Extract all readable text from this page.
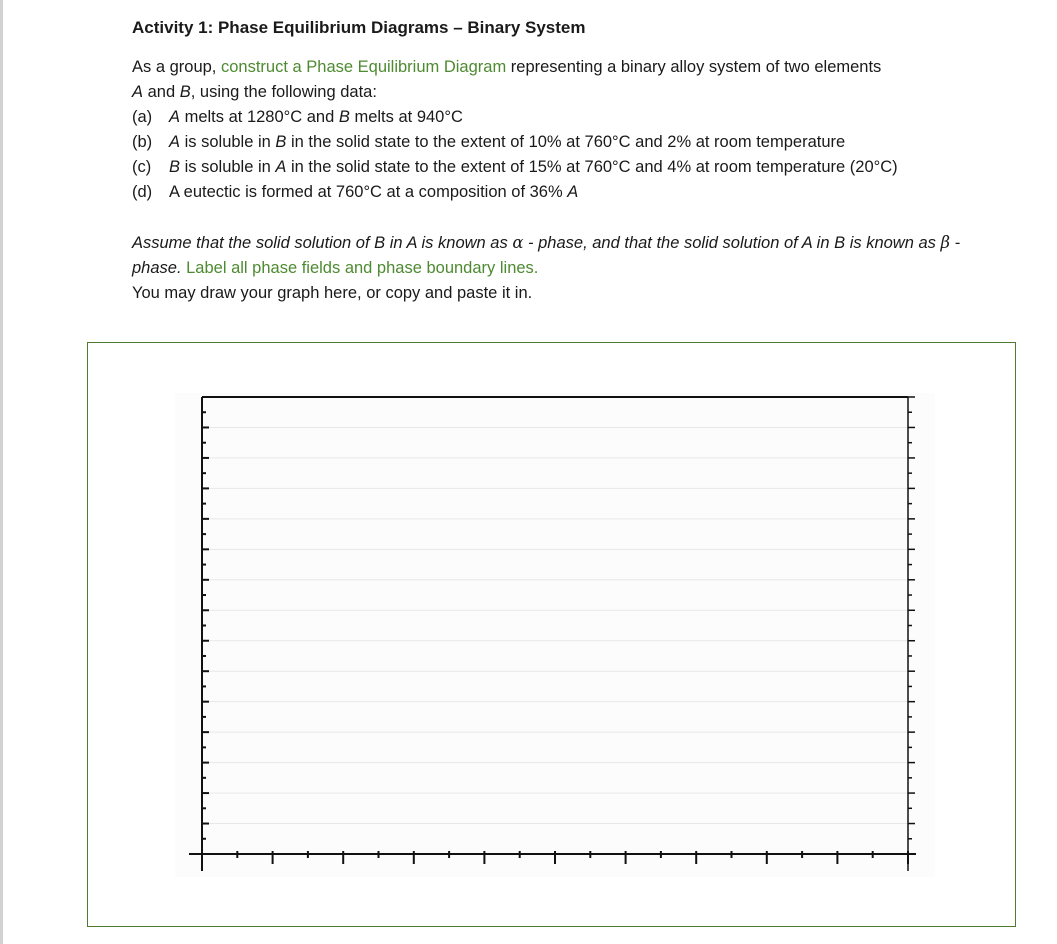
Activity 1: Phase Equilibrium Diagrams – Binary System

As a group, construct a Phase Equilibrium Diagram representing a binary alloy system of two elements
A and B, using the following data:

(a) A melts at 1280°C and B melts at 940°C
(b) A is soluble in B in the solid state to the extent of 10% at 760°C and 2% at room temperature
(c) B is soluble in A in the solid state to the extent of 15% at 760°C and 4% at room temperature (20°C)
(d) A eutectic is formed at 760°C at a composition of 36% A

Assume that the solid solution of B in A is known as α - phase, and that the solid solution of A in B is known as β - phase. Label all phase fields and phase boundary lines.

You may draw your graph here, or copy and paste it in.
